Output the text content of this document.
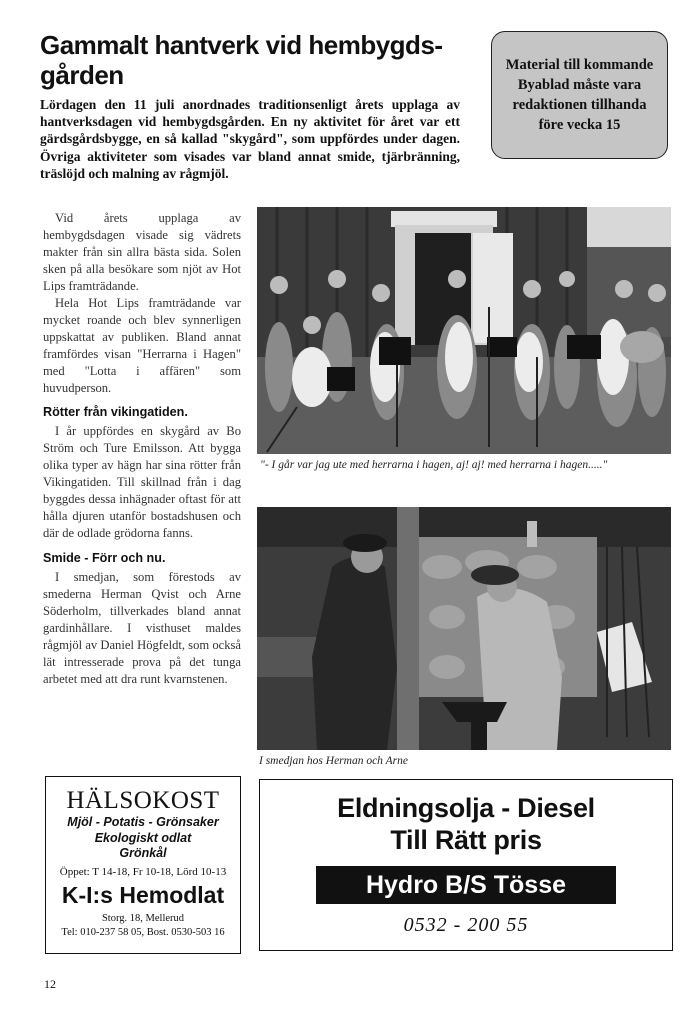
Gammalt hantverk vid hembygds-
gården
Lördagen den 11 juli anordnades traditionsenligt årets upplaga av hantverksdagen vid hembygdsgården. En ny aktivitet för året var ett gärdsgårdsbygge, en så kallad "skygård", som uppfördes under dagen. Övriga aktiviteter som visades var bland annat smide, tjärbränning, träslöjd och malning av rågmjöl.
Material till kommande
Byablad måste vara
redaktionen tillhanda
före vecka 15

Vid årets upplaga av hembygdsdagen visade sig vädrets makter från sin allra bästa sida. Solen sken på alla besökare som njöt av Hot Lips framträdande.

Hela Hot Lips framträdande var mycket roande och blev synnerligen uppskattat av publiken. Bland annat framfördes visan "Herrarna i Hagen" med "Lotta i affären" som huvudperson.

Rötter från vikingatiden.

I år uppfördes en skygård av Bo Ström och Ture Emilsson. Att bygga olika typer av hägn har sina rötter från Vikingatiden. Till skillnad från i dag byggdes dessa inhägnader oftast för att hålla djuren utanför bostadshusen och där de odlade grödorna fanns.

Smide - Förr och nu.

I smedjan, som förestods av smederna Herman Qvist och Arne Söderholm, tillverkades bland annat gardinhållare. I visthuset maldes rågmjöl av Daniel Högfeldt, som också lät intresserade prova på det tunga arbetet med att dra runt kvarnstenen.

"- I går var jag ute med herrarna i hagen, aj! aj! med herrarna i hagen....."
I smedjan hos Herman och Arne
HÄLSOKOST
Mjöl - Potatis - Grönsaker
Ekologiskt odlat
Grönkål
Öppet: T 14-18, Fr 10-18, Lörd 10-13
K-I:s Hemodlat
Storg. 18, Mellerud
Tel: 010-237 58 05, Bost. 0530-503 16
Eldningsolja - Diesel
Till Rätt pris
Hydro B/S Tösse
0532 - 200 55
12
